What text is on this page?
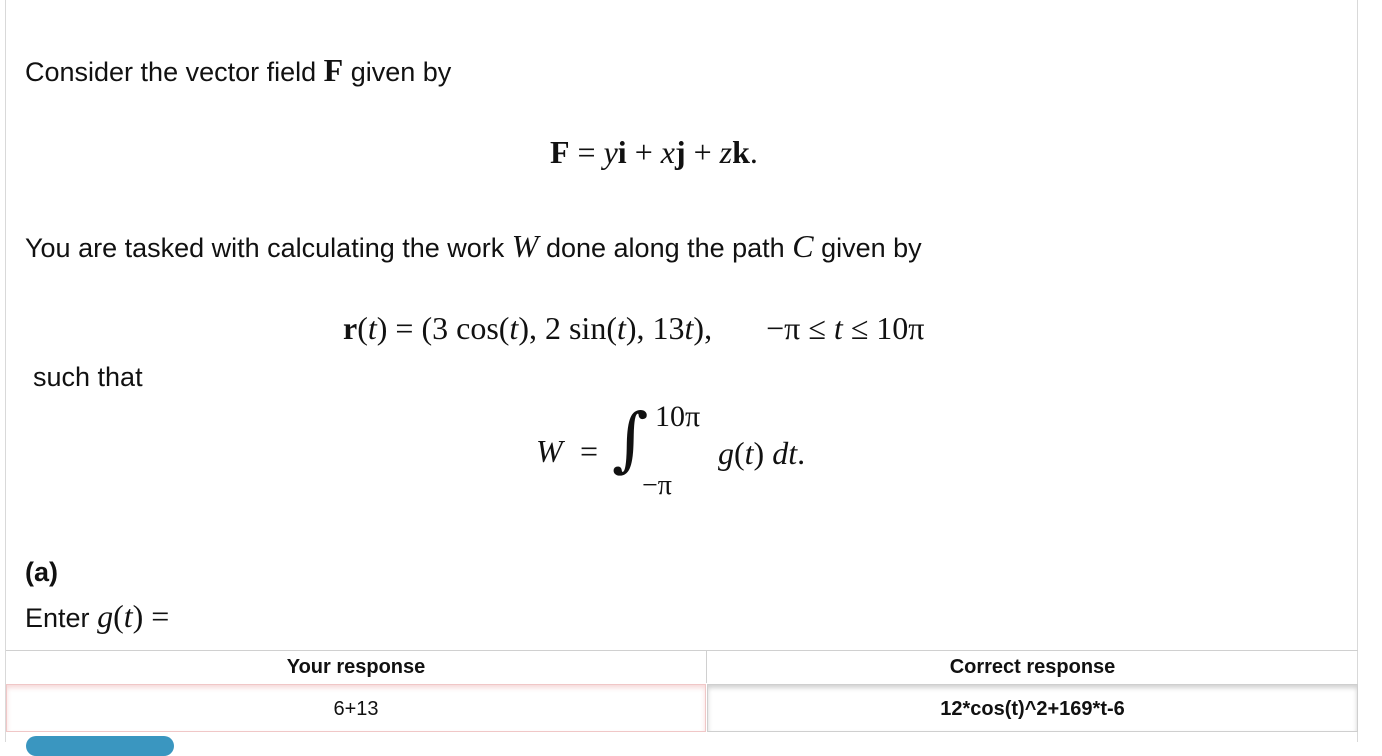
Consider the vector field F given by
F = yi + xj + zk.
You are tasked with calculating the work W done along the path C given by
r(t) = (3 cos(t), 2 sin(t), 13t), −π ≤ t ≤ 10π
such that
W = ∫ 10π
−π
g(t) dt.
(a)
Enter g(t) =
Your response	Correct response
6+13	12*cos(t)^2+169*t-6
